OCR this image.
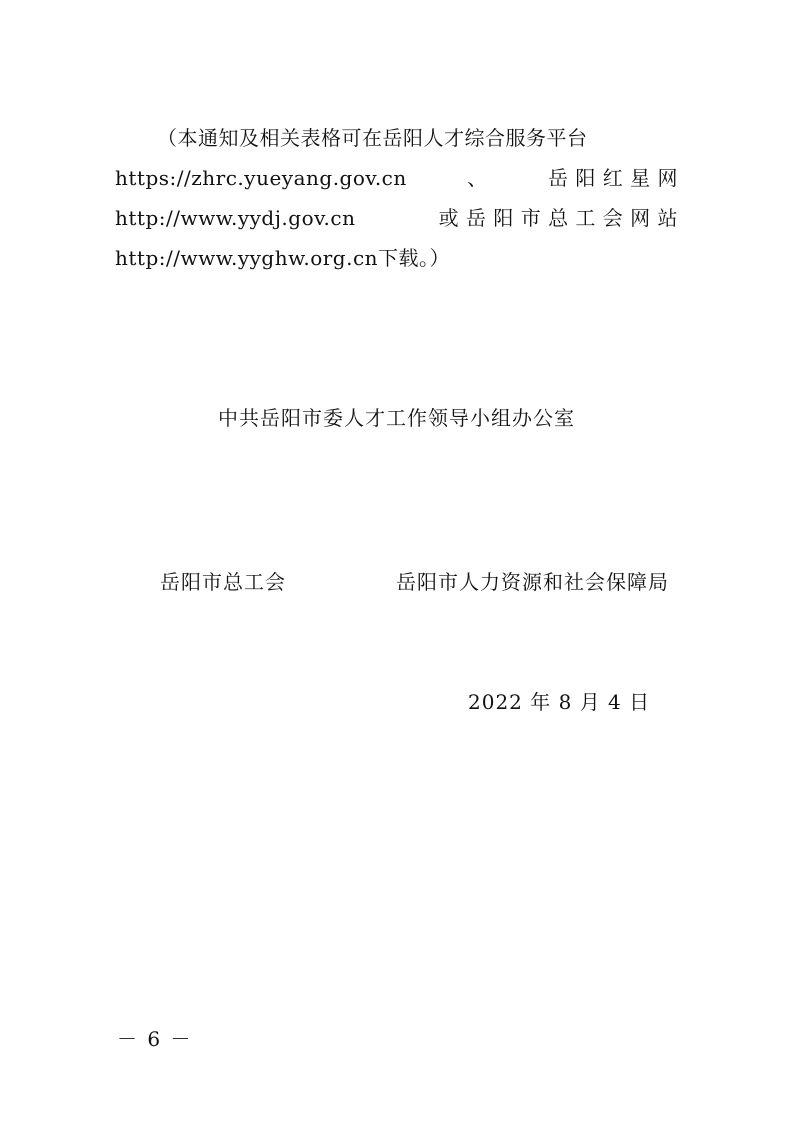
（本通知及相关表格可在岳阳人才综合服务平台
https://zhrc.yueyang.gov.cn	、	岳 阳 红 星 网
http://www.yydj.gov.cn	或 岳 阳 市 总 工 会 网 站
http://www.yyghw.org.cn下载。）
中共岳阳市委人才工作领导小组办公室
岳阳市总工会	岳阳市人力资源和社会保障局
2022 年 8 月 4 日
－ 6 －
